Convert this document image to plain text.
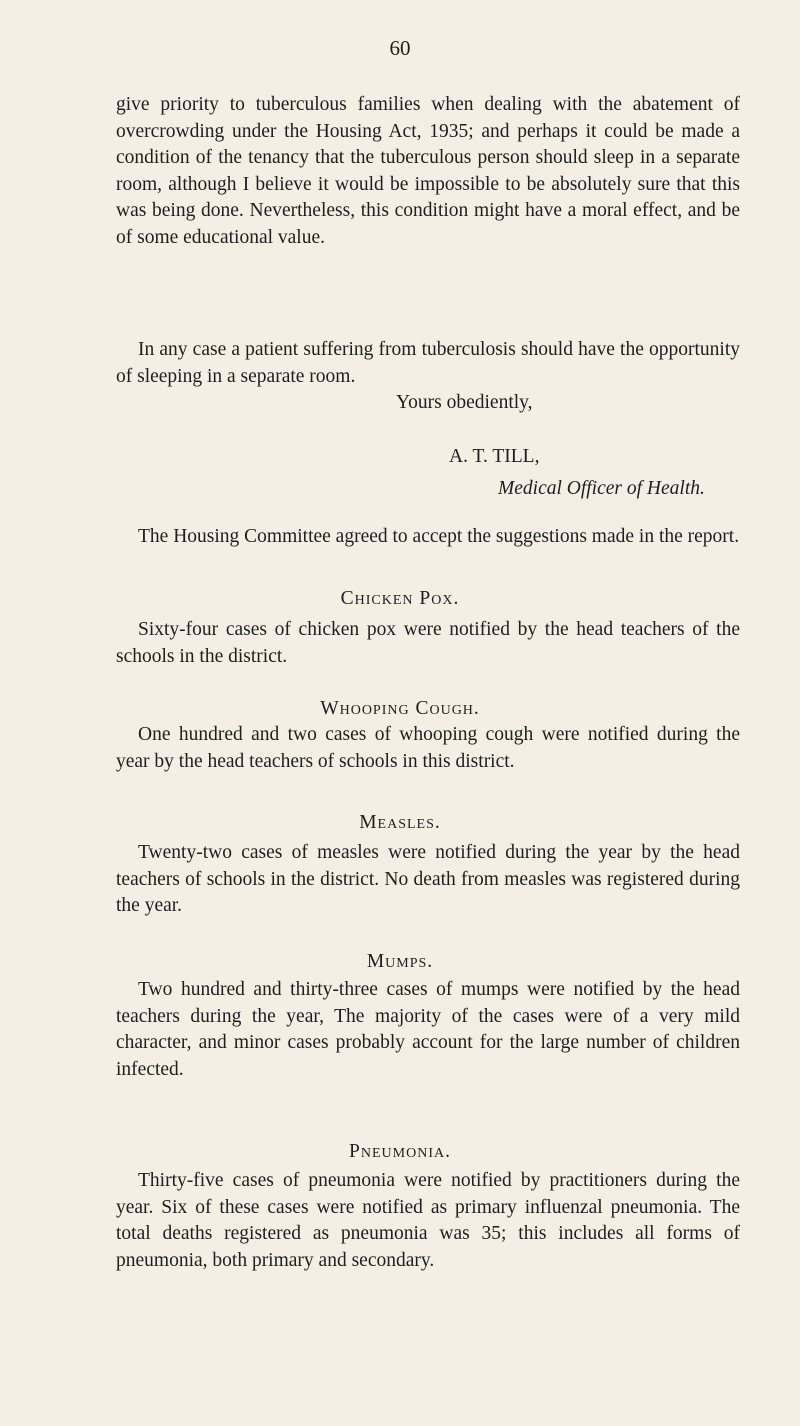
60

give priority to tuberculous families when dealing with the abatement of overcrowding under the Housing Act, 1935; and perhaps it could be made a condition of the tenancy that the tuberculous person should sleep in a separate room, although I believe it would be impossible to be absolutely sure that this was being done. Nevertheless, this condition might have a moral effect, and be of some educational value.

In any case a patient suffering from tuberculosis should have the opportunity of sleeping in a separate room.

Yours obediently,
A. T. TILL,
Medical Officer of Health.

The Housing Committee agreed to accept the suggestions made in the report.

Chicken Pox.

Sixty-four cases of chicken pox were notified by the head teachers of the schools in the district.

Whooping Cough.

One hundred and two cases of whooping cough were notified during the year by the head teachers of schools in this district.

Measles.

Twenty-two cases of measles were notified during the year by the head teachers of schools in the district. No death from measles was registered during the year.

Mumps.

Two hundred and thirty-three cases of mumps were notified by the head teachers during the year, The majority of the cases were of a very mild character, and minor cases probably account for the large number of children infected.

Pneumonia.

Thirty-five cases of pneumonia were notified by practitioners during the year. Six of these cases were notified as primary influenzal pneumonia. The total deaths registered as pneumonia was 35; this includes all forms of pneumonia, both primary and secondary.
